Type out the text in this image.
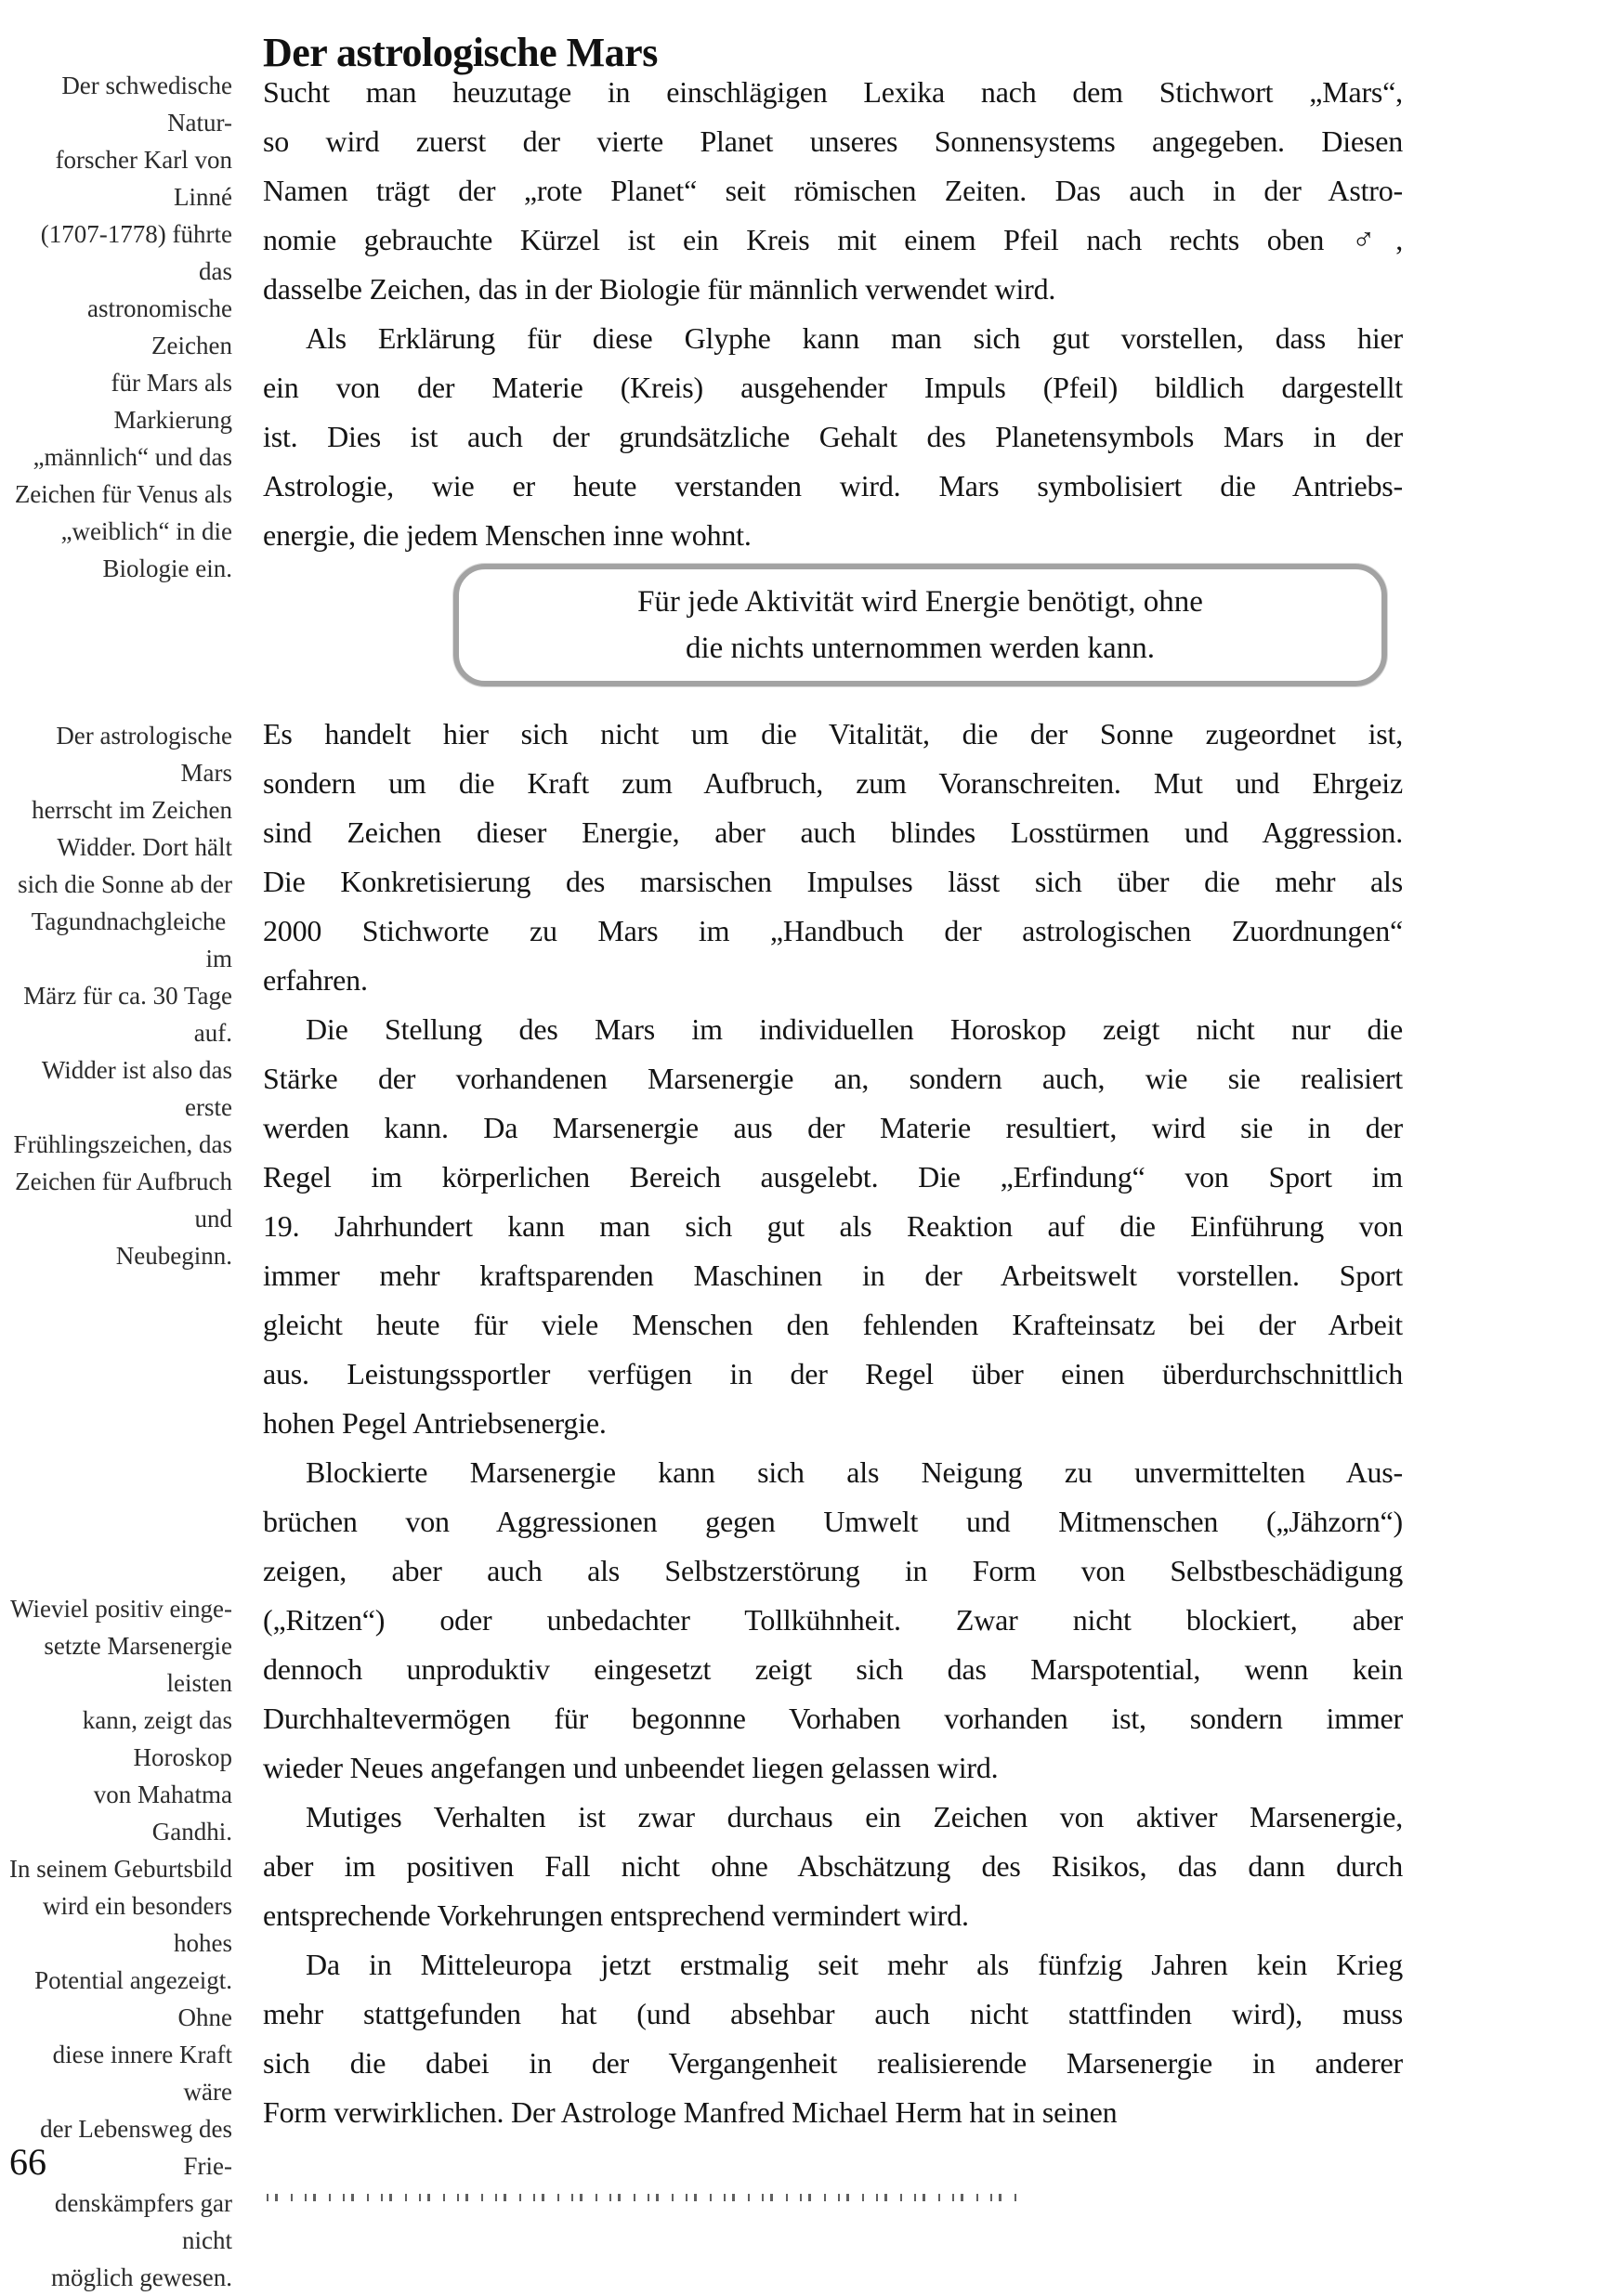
Der astrologische Mars
Der schwedische Natur-
forscher Karl von Linné
(1707-1778) führte das
astronomische Zeichen
für Mars als Markierung
„männlich“ und das
Zeichen für Venus als
„weiblich“ in die
Biologie ein.
Der astrologische Mars
herrscht im Zeichen
Widder. Dort hält
sich die Sonne ab der
Tagundnachgleiche  im
März für ca. 30 Tage auf.
Widder ist also das erste
Frühlingszeichen, das
Zeichen für Aufbruch und
Neubeginn.
Wieviel positiv einge-
setzte Marsenergie leisten
kann, zeigt das Horoskop
von Mahatma Gandhi.
In seinem Geburtsbild
wird ein besonders hohes
Potential angezeigt. Ohne
diese innere Kraft wäre
der Lebensweg des Frie-
denskämpfers gar nicht
möglich gewesen.
Sucht man heuzutage in einschlägigen Lexika nach dem Stichwort „Mars“,
so wird zuerst der vierte Planet unseres Sonnensystems angegeben. Diesen
Namen trägt der „rote Planet“ seit römischen Zeiten. Das auch in der Astro-
nomie gebrauchte Kürzel ist ein Kreis mit einem Pfeil nach rechts oben ♂,
dasselbe Zeichen, das in der Biologie für männlich verwendet wird.
Als Erklärung für diese Glyphe kann man sich gut vorstellen, dass hier
ein von der Materie (Kreis) ausgehender Impuls (Pfeil) bildlich dargestellt
ist. Dies ist auch der grundsätzliche Gehalt des Planetensymbols Mars in der
Astrologie, wie er heute verstanden wird. Mars symbolisiert die Antriebs-
energie, die jedem Menschen inne wohnt.
Für jede Aktivität wird Energie benötigt, ohne
die nichts unternommen werden kann.
Es handelt hier sich nicht um die Vitalität, die der Sonne zugeordnet ist,
sondern um die Kraft zum Aufbruch, zum Voranschreiten. Mut und Ehrgeiz
sind Zeichen dieser Energie, aber auch blindes Losstürmen und Aggression.
Die Konkretisierung des marsischen Impulses lässt sich über die mehr als
2000 Stichworte zu Mars im „Handbuch der astrologischen Zuordnungen“
erfahren.
Die Stellung des Mars im individuellen Horoskop zeigt nicht nur die
Stärke der vorhandenen Marsenergie an, sondern auch, wie sie realisiert
werden kann. Da Marsenergie aus der Materie resultiert, wird sie in der
Regel im körperlichen Bereich ausgelebt. Die „Erfindung“ von Sport im
19. Jahrhundert kann man sich gut als Reaktion auf die Einführung von
immer mehr kraftsparenden Maschinen in der Arbeitswelt vorstellen. Sport
gleicht heute für viele Menschen den fehlenden Krafteinsatz bei der Arbeit
aus. Leistungssportler verfügen in der Regel über einen überdurchschnittlich
hohen Pegel Antriebsenergie.
Blockierte Marsenergie kann sich als Neigung zu unvermittelten Aus-
brüchen von Aggressionen gegen Umwelt und Mitmenschen („Jähzorn“)
zeigen, aber auch als Selbstzerstörung in Form von Selbstbeschädigung
(„Ritzen“) oder unbedachter Tollkühnheit. Zwar nicht blockiert, aber
dennoch unproduktiv eingesetzt zeigt sich das Marspotential, wenn kein
Durchhaltevermögen für begonnne Vorhaben vorhanden ist, sondern immer
wieder Neues angefangen und unbeendet liegen gelassen wird.
Mutiges Verhalten ist zwar durchaus ein Zeichen von aktiver Marsenergie,
aber im positiven Fall nicht ohne Abschätzung des Risikos, das dann durch
entsprechende Vorkehrungen entsprechend vermindert wird.
Da in Mitteleuropa jetzt erstmalig seit mehr als fünfzig Jahren kein Krieg
mehr stattgefunden hat (und absehbar auch nicht stattfinden wird), muss
sich die dabei in der Vergangenheit realisierende Marsenergie in anderer
Form verwirklichen. Der Astrologe Manfred Michael Herm hat in seinen
66
